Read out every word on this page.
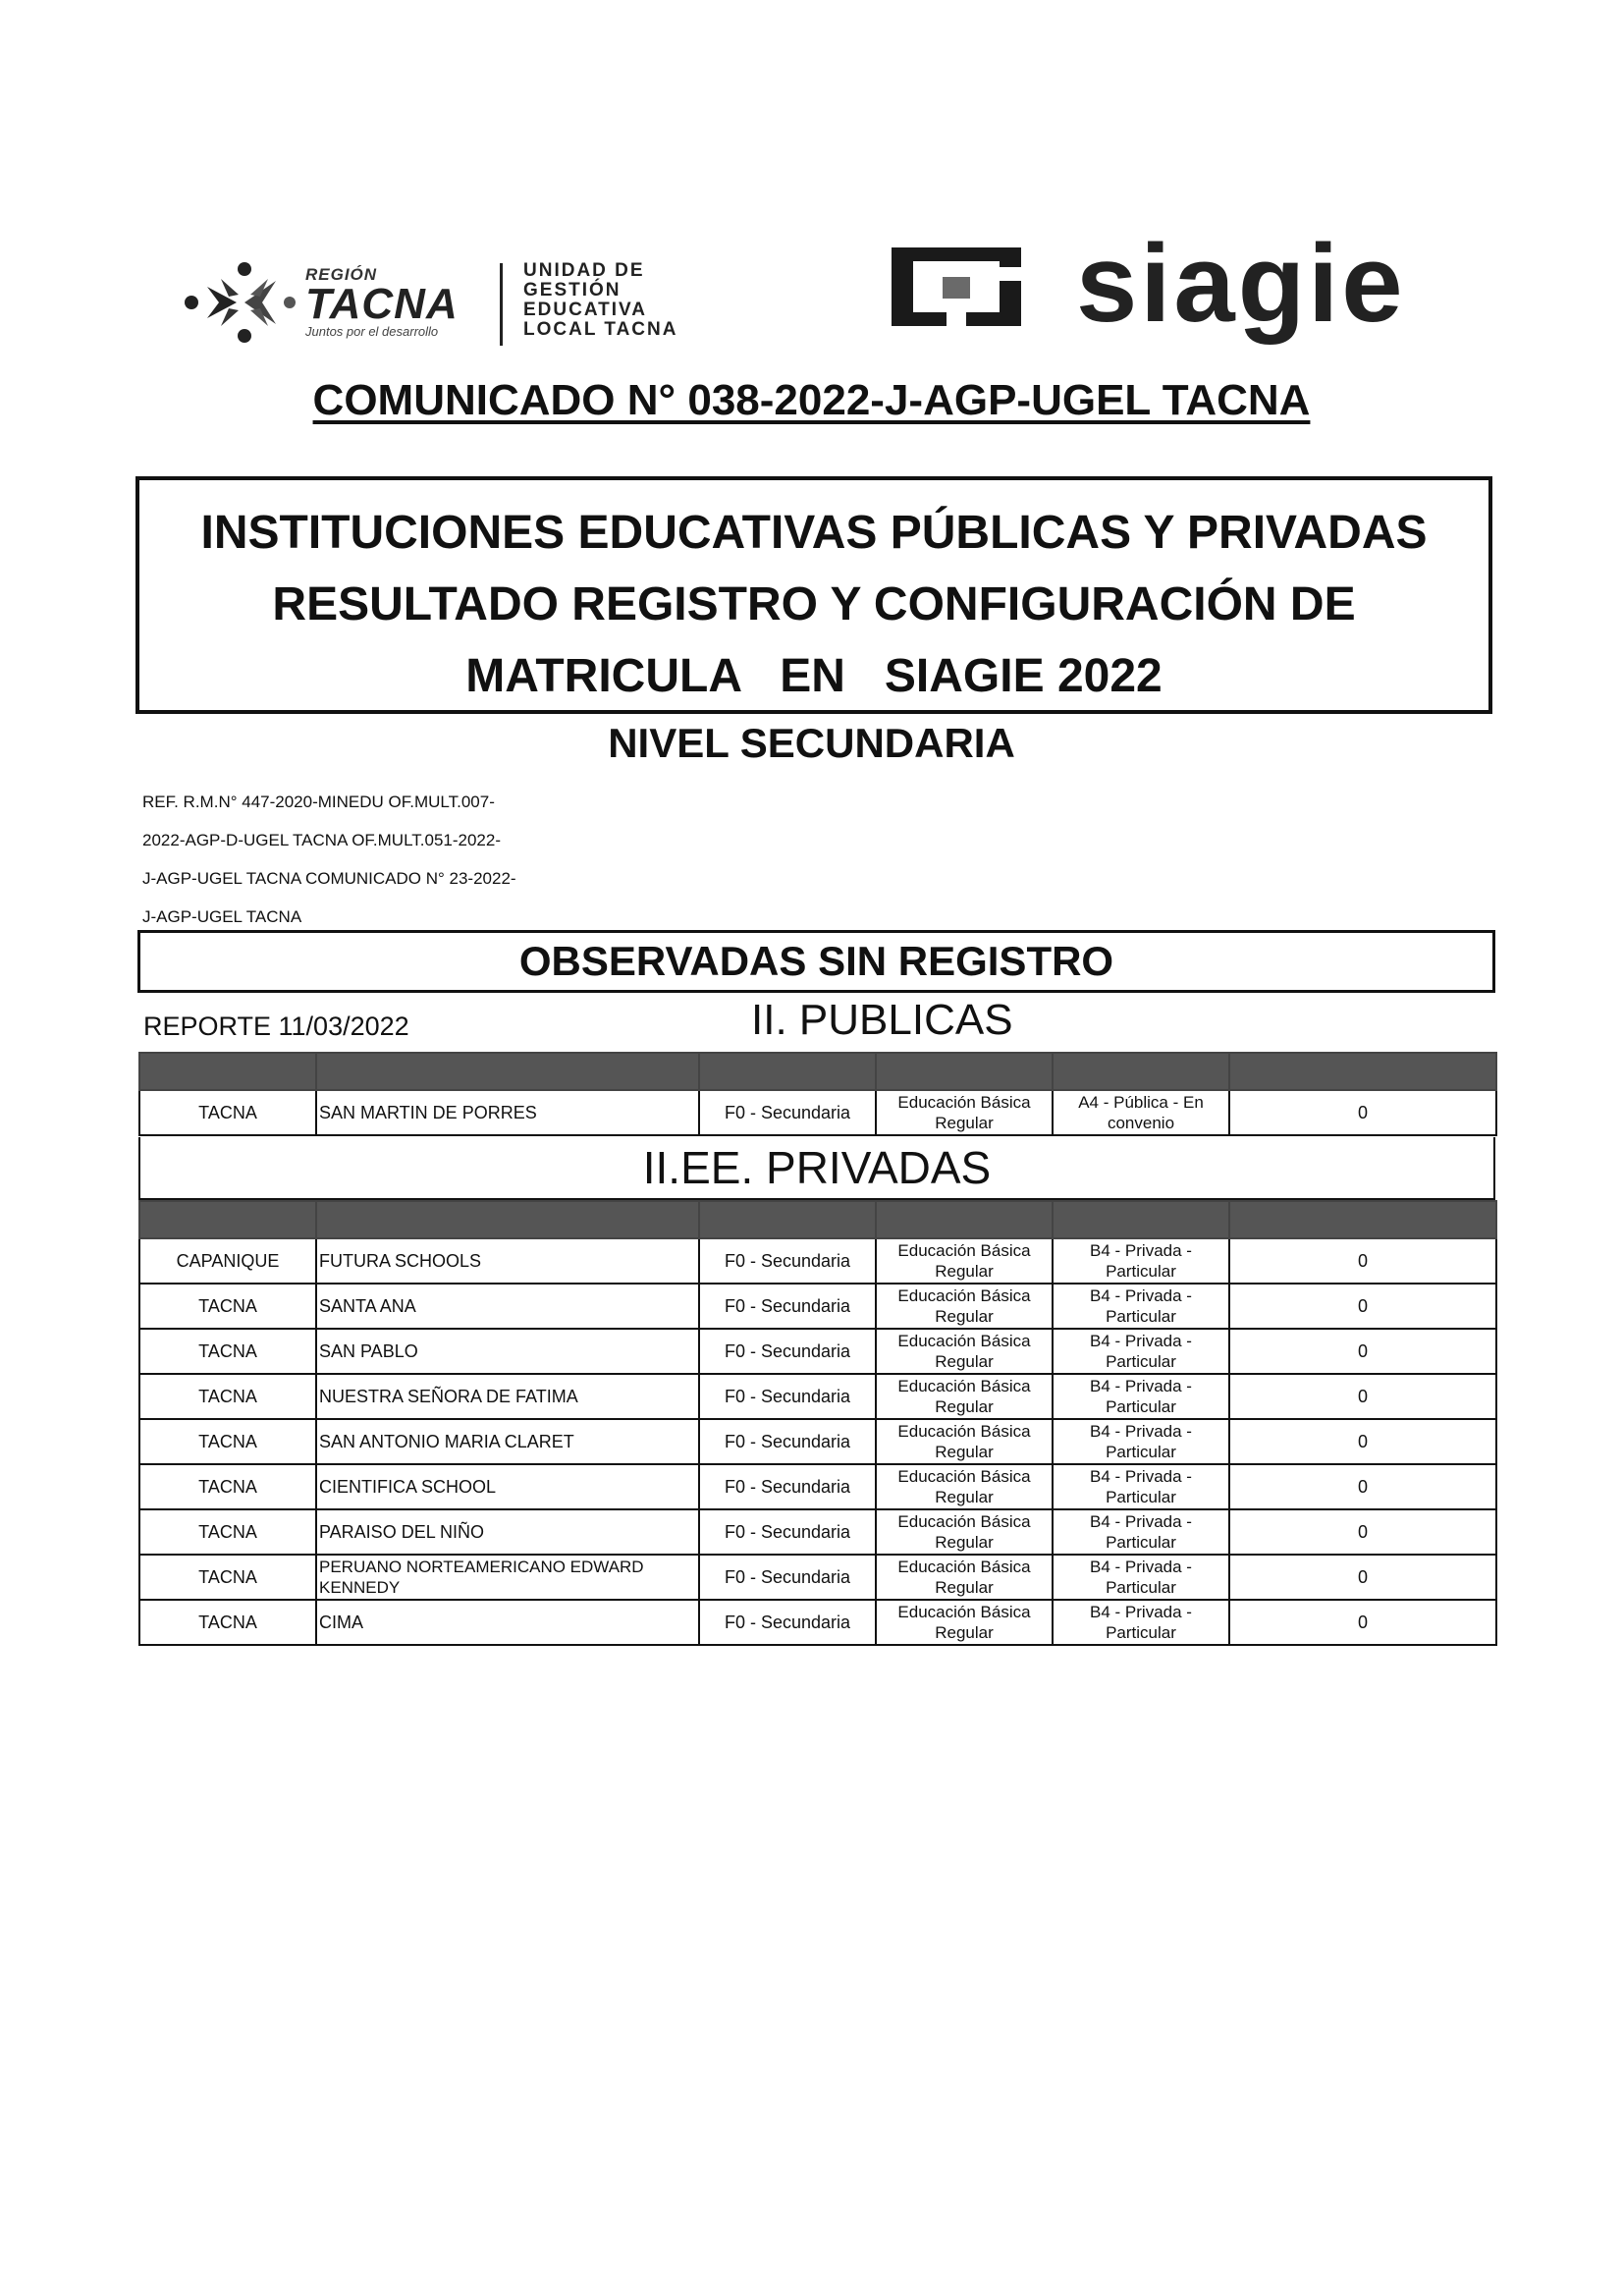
REGIÓN
TACNA
Juntos por el desarrollo
UNIDAD DE
GESTIÓN
EDUCATIVA
LOCAL TACNA	siagie
COMUNICADO N° 038-2022-J-AGP-UGEL TACNA
INSTITUCIONES EDUCATIVAS PÚBLICAS Y PRIVADAS
RESULTADO REGISTRO Y CONFIGURACIÓN DE
MATRICULA   EN   SIAGIE 2022
NIVEL SECUNDARIA
REF. R.M.N° 447-2020-MINEDU OF.MULT.007-
2022-AGP-D-UGEL TACNA OF.MULT.051-2022-
J-AGP-UGEL TACNA COMUNICADO N° 23-2022-
J-AGP-UGEL TACNA
OBSERVADAS SIN REGISTRO
REPORTE 11/03/2022	II. PUBLICAS

TACNA	SAN MARTIN DE PORRES	F0 - Secundaria	Educación Básica Regular	A4 - Pública - En convenio	0
II.EE. PRIVADAS

CAPANIQUE	FUTURA SCHOOLS	F0 - Secundaria	Educación Básica Regular	B4 - Privada - Particular	0
TACNA	SANTA ANA	F0 - Secundaria	Educación Básica Regular	B4 - Privada - Particular	0
TACNA	SAN PABLO	F0 - Secundaria	Educación Básica Regular	B4 - Privada - Particular	0
TACNA	NUESTRA SEÑORA DE FATIMA	F0 - Secundaria	Educación Básica Regular	B4 - Privada - Particular	0
TACNA	SAN ANTONIO MARIA CLARET	F0 - Secundaria	Educación Básica Regular	B4 - Privada - Particular	0
TACNA	CIENTIFICA SCHOOL	F0 - Secundaria	Educación Básica Regular	B4 - Privada - Particular	0
TACNA	PARAISO DEL NIÑO	F0 - Secundaria	Educación Básica Regular	B4 - Privada - Particular	0
TACNA	PERUANO NORTEAMERICANO EDWARD KENNEDY	F0 - Secundaria	Educación Básica Regular	B4 - Privada - Particular	0
TACNA	CIMA	F0 - Secundaria	Educación Básica Regular	B4 - Privada - Particular	0
